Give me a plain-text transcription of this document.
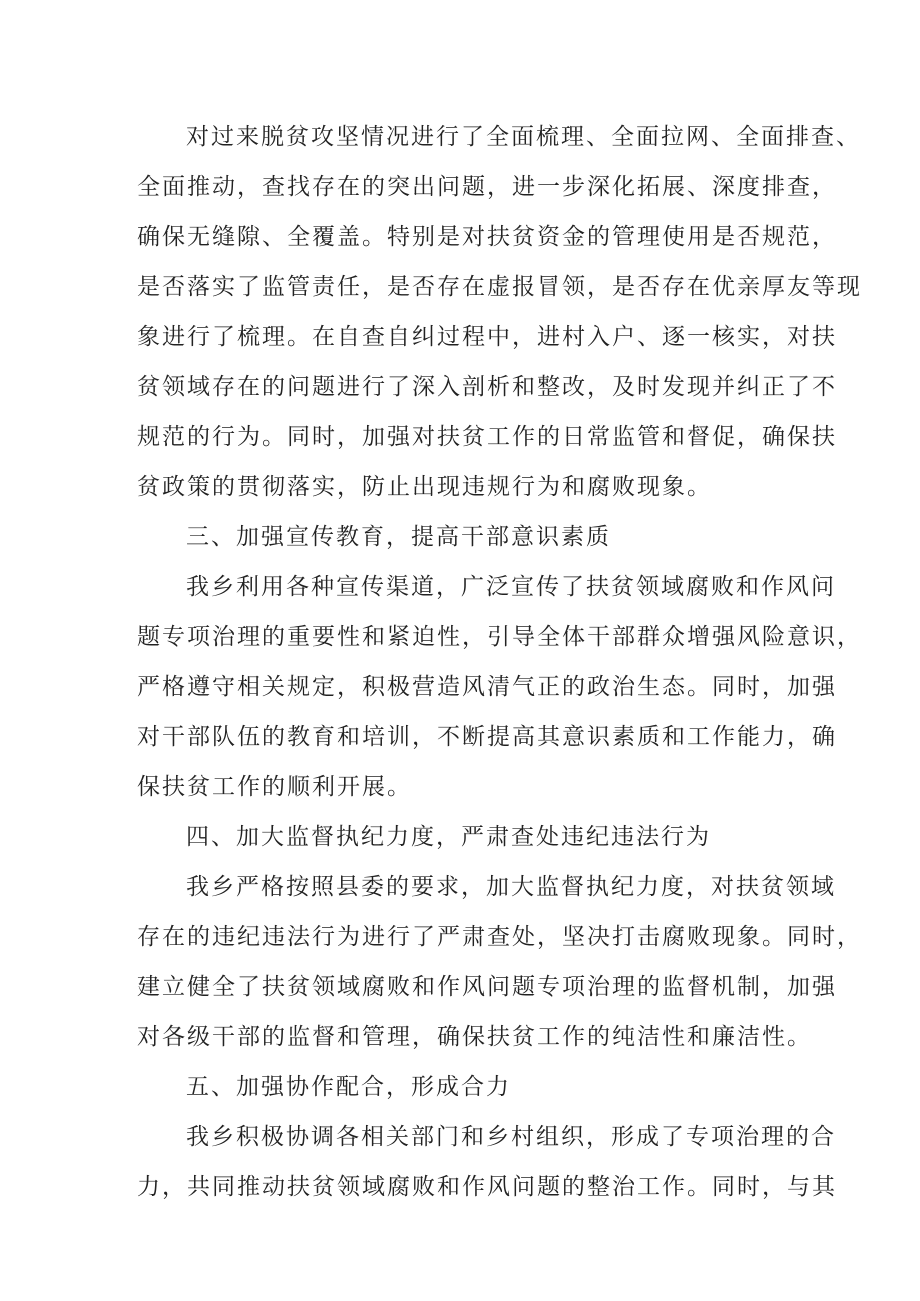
对过来脱贫攻坚情况进行了全面梳理、全面拉网、全面排查、
全面推动，查找存在的突出问题，进一步深化拓展、深度排查，
确保无缝隙、全覆盖。特别是对扶贫资金的管理使用是否规范，
是否落实了监管责任，是否存在虚报冒领，是否存在优亲厚友等现
象进行了梳理。在自查自纠过程中，进村入户、逐一核实，对扶
贫领域存在的问题进行了深入剖析和整改，及时发现并纠正了不
规范的行为。同时，加强对扶贫工作的日常监管和督促，确保扶
贫政策的贯彻落实，防止出现违规行为和腐败现象。
三、加强宣传教育，提高干部意识素质
我乡利用各种宣传渠道，广泛宣传了扶贫领域腐败和作风问
题专项治理的重要性和紧迫性，引导全体干部群众增强风险意识，
严格遵守相关规定，积极营造风清气正的政治生态。同时，加强
对干部队伍的教育和培训，不断提高其意识素质和工作能力，确
保扶贫工作的顺利开展。
四、加大监督执纪力度，严肃查处违纪违法行为
我乡严格按照县委的要求，加大监督执纪力度，对扶贫领域
存在的违纪违法行为进行了严肃查处，坚决打击腐败现象。同时，
建立健全了扶贫领域腐败和作风问题专项治理的监督机制，加强
对各级干部的监督和管理，确保扶贫工作的纯洁性和廉洁性。
五、加强协作配合，形成合力
我乡积极协调各相关部门和乡村组织，形成了专项治理的合
力，共同推动扶贫领域腐败和作风问题的整治工作。同时，与其
